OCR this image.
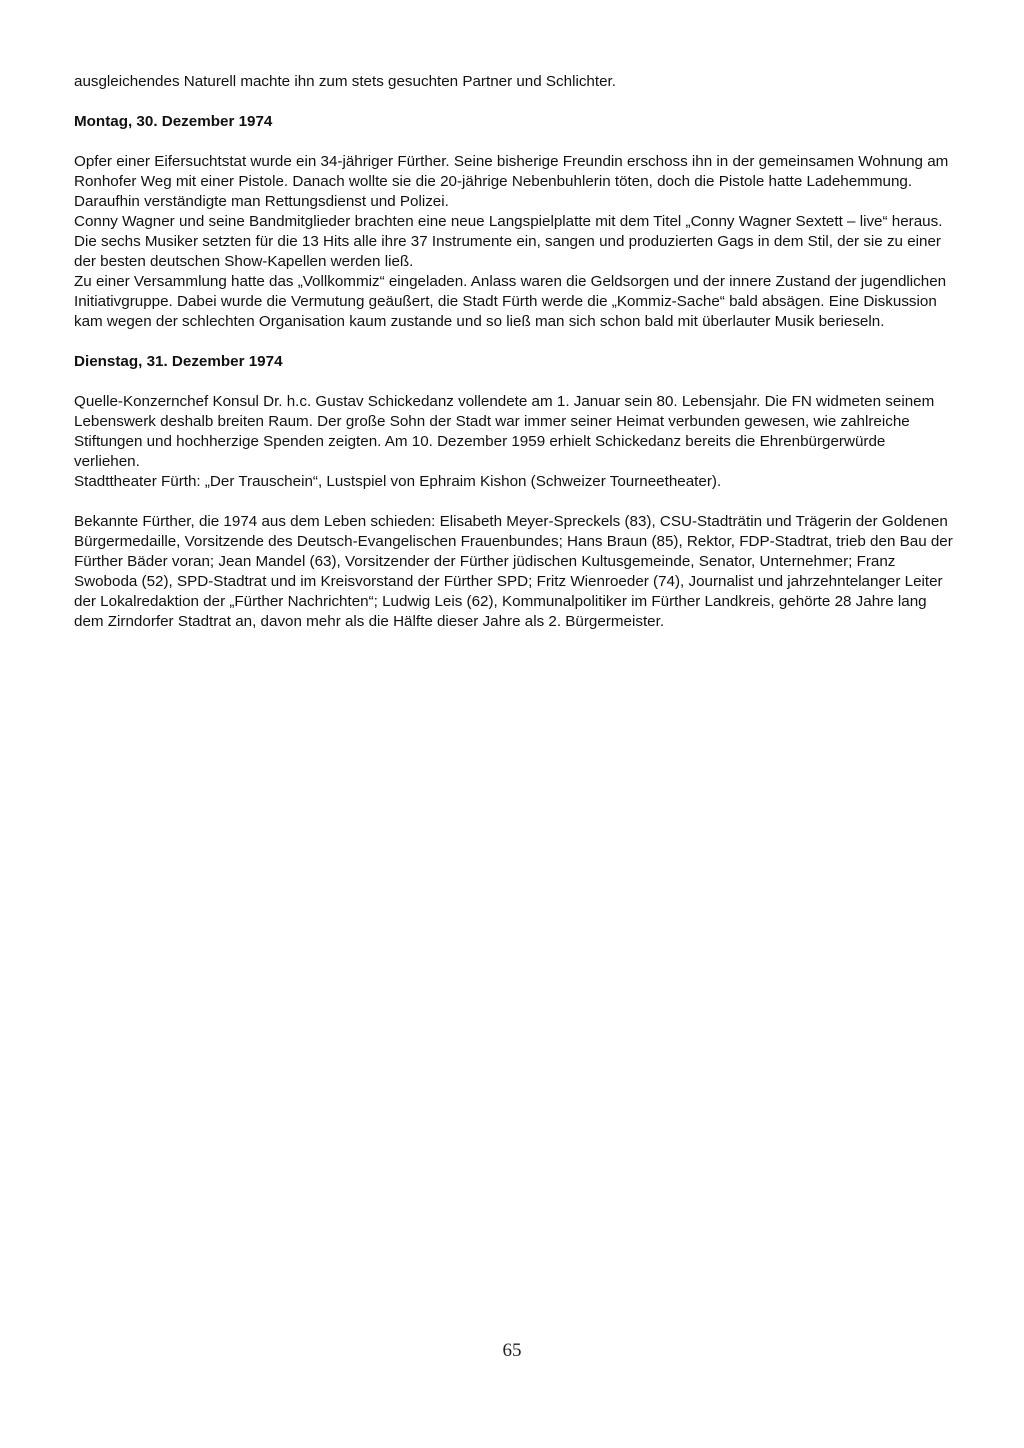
ausgleichendes Naturell machte ihn zum stets gesuchten Partner und Schlichter.

Montag, 30. Dezember 1974

Opfer einer Eifersuchtstat wurde ein 34-jähriger Fürther. Seine bisherige Freundin erschoss ihn in der gemeinsamen Wohnung am Ronhofer Weg mit einer Pistole. Danach wollte sie die 20-jährige Nebenbuhlerin töten, doch die Pistole hatte Ladehemmung. Daraufhin verständigte man Rettungsdienst und Polizei.

Conny Wagner und seine Bandmitglieder brachten eine neue Langspielplatte mit dem Titel „Conny Wagner Sextett – live“ heraus. Die sechs Musiker setzten für die 13 Hits alle ihre 37 Instrumente ein, sangen und produzierten Gags in dem Stil, der sie zu einer der besten deutschen Show-Kapellen werden ließ.

Zu einer Versammlung hatte das „Vollkommiz“ eingeladen. Anlass waren die Geldsorgen und der innere Zustand der jugendlichen Initiativgruppe. Dabei wurde die Vermutung geäußert, die Stadt Fürth werde die „Kommiz-Sache“ bald absägen. Eine Diskussion kam wegen der schlechten Organisation kaum zustande und so ließ man sich schon bald mit überlauter Musik berieseln.

Dienstag, 31. Dezember 1974

Quelle-Konzernchef Konsul Dr. h.c. Gustav Schickedanz vollendete am 1. Januar sein 80. Lebensjahr. Die FN widmeten seinem Lebenswerk deshalb breiten Raum. Der große Sohn der Stadt war immer seiner Heimat verbunden gewesen, wie zahlreiche Stiftungen und hochherzige Spenden zeigten. Am 10. Dezember 1959 erhielt Schickedanz bereits die Ehrenbürgerwürde verliehen.

Stadttheater Fürth: „Der Trauschein“, Lustspiel von Ephraim Kishon (Schweizer Tourneetheater).

Bekannte Fürther, die 1974 aus dem Leben schieden: Elisabeth Meyer-Spreckels (83), CSU-Stadträtin und Trägerin der Goldenen Bürgermedaille, Vorsitzende des Deutsch-Evangelischen Frauenbundes; Hans Braun (85), Rektor, FDP-Stadtrat, trieb den Bau der Fürther Bäder voran; Jean Mandel (63), Vorsitzender der Fürther jüdischen Kultusgemeinde, Senator, Unternehmer; Franz Swoboda (52), SPD-Stadtrat und im Kreisvorstand der Fürther SPD; Fritz Wienroeder (74), Journalist und jahrzehntelanger Leiter der Lokalredaktion der „Fürther Nachrichten“; Ludwig Leis (62), Kommunalpolitiker im Fürther Landkreis, gehörte 28 Jahre lang dem Zirndorfer Stadtrat an, davon mehr als die Hälfte dieser Jahre als 2. Bürgermeister.

65
